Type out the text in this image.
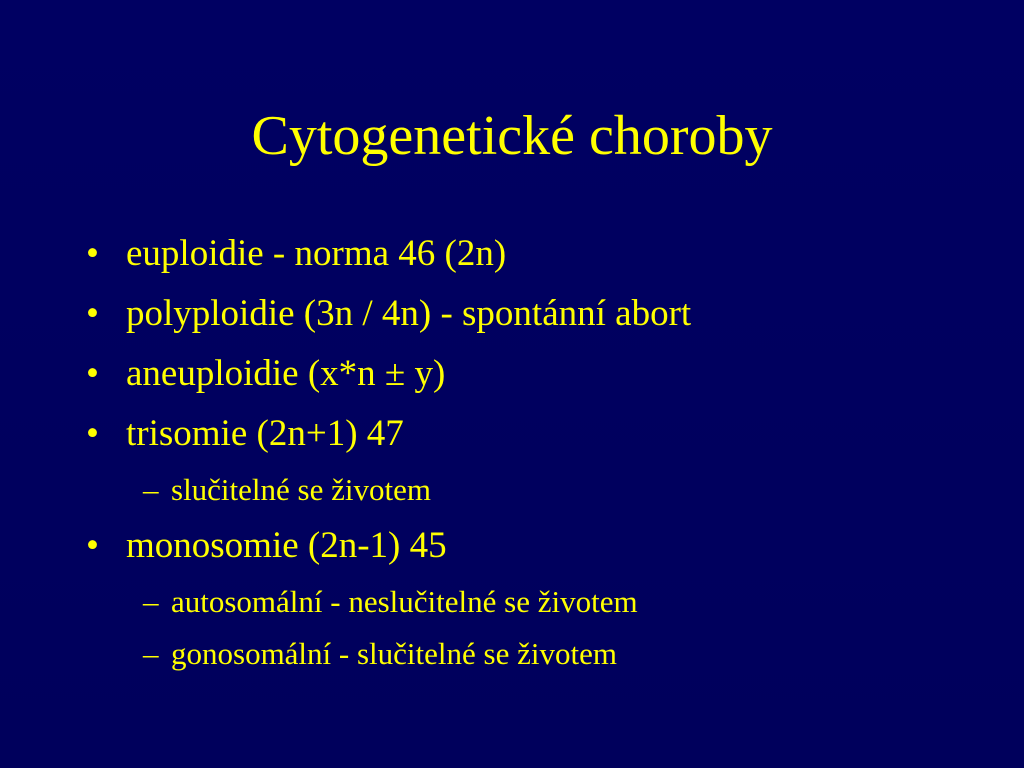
Cytogenetické choroby
• euploidie - norma 46 (2n)
• polyploidie (3n / 4n) - spontánní abort
• aneuploidie (x*n ± y)
• trisomie (2n+1) 47
– slučitelné se životem
• monosomie (2n-1) 45
– autosomální - neslučitelné se životem
– gonosomální - slučitelné se životem
